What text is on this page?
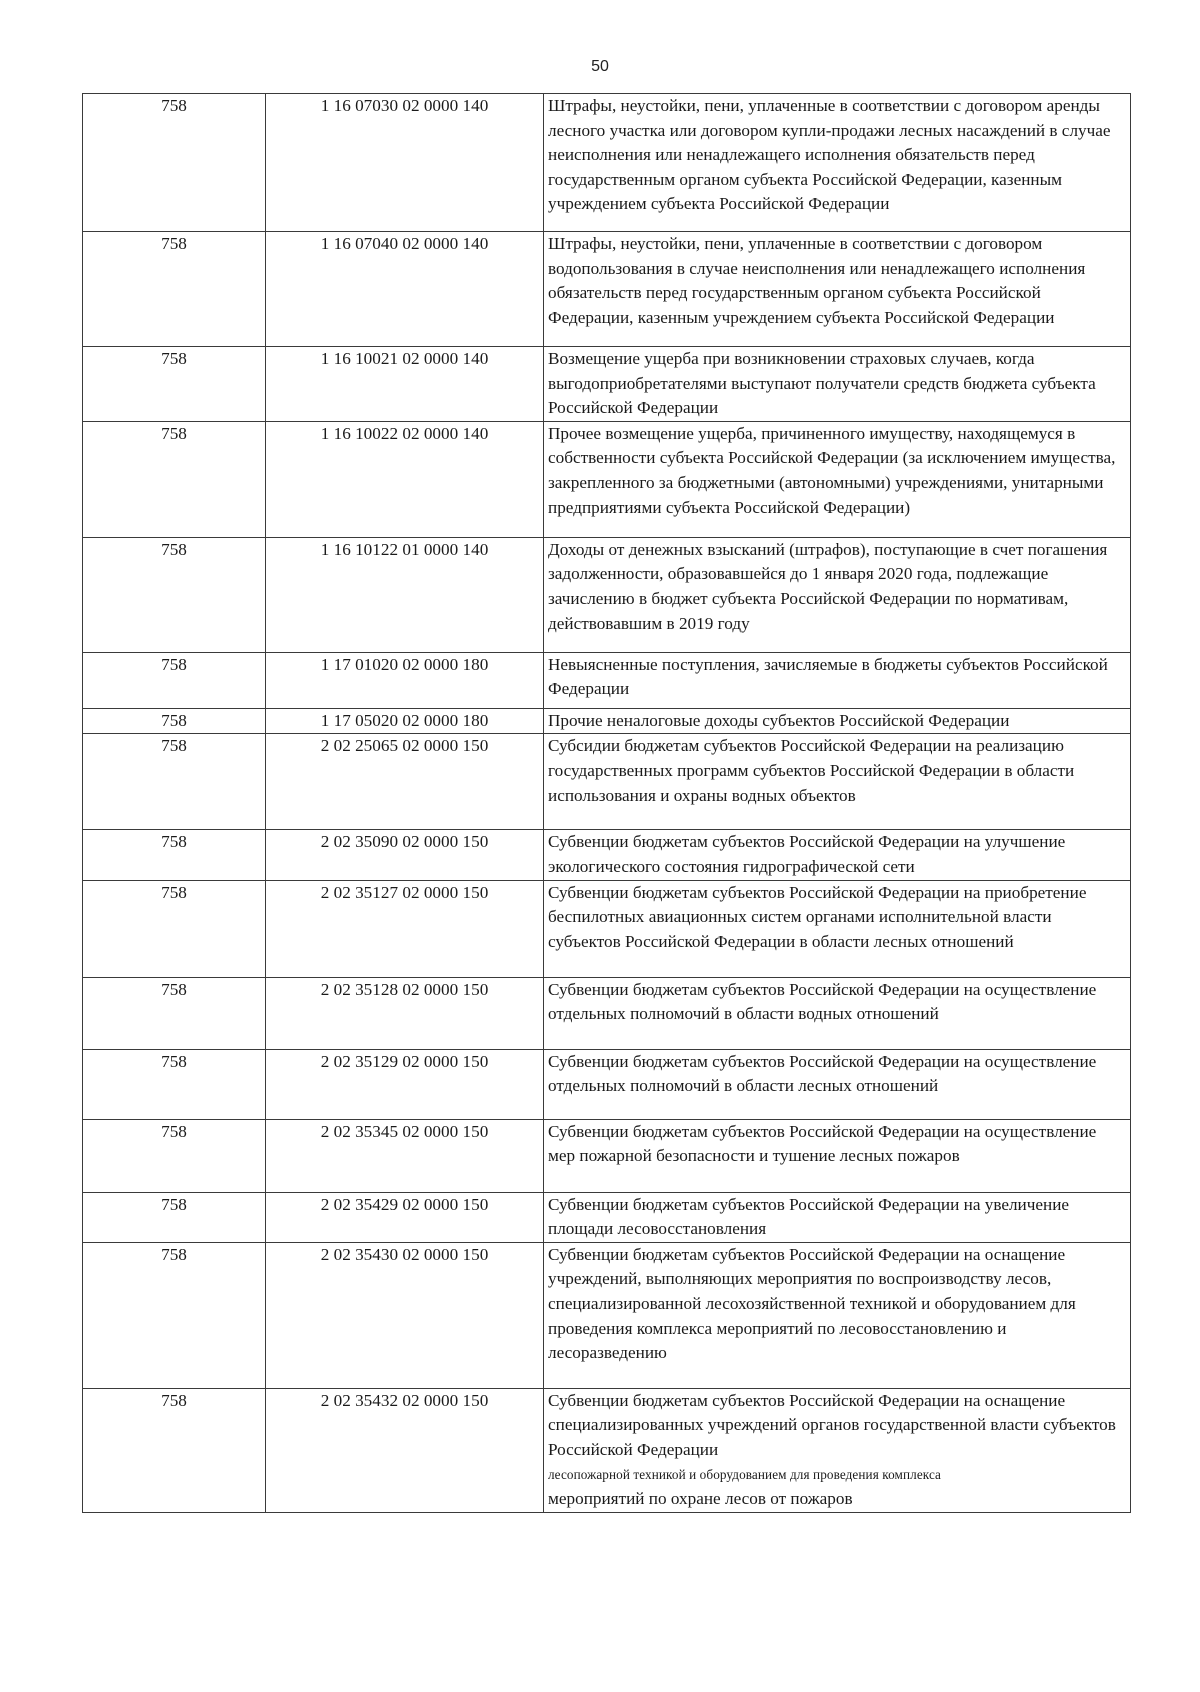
50
758	1 16 07030 02 0000 140	Штрафы, неустойки, пени, уплаченные в соответствии с договором аренды лесного участка или договором купли-продажи лесных насаждений в случае неисполнения или ненадлежащего исполнения обязательств перед государственным органом субъекта Российской Федерации, казенным учреждением субъекта Российской Федерации
758	1 16 07040 02 0000 140	Штрафы, неустойки, пени, уплаченные в соответствии с договором водопользования в случае неисполнения или ненадлежащего исполнения обязательств перед государственным органом субъекта Российской Федерации, казенным учреждением субъекта Российской Федерации
758	1 16 10021 02 0000 140	Возмещение ущерба при возникновении страховых случаев, когда выгодоприобретателями выступают получатели средств бюджета субъекта Российской Федерации
758	1 16 10022 02 0000 140	Прочее возмещение ущерба, причиненного имуществу, находящемуся в собственности субъекта Российской Федерации (за исключением имущества, закрепленного за бюджетными (автономными) учреждениями, унитарными предприятиями субъекта Российской Федерации)
758	1 16 10122 01 0000 140	Доходы от денежных взысканий (штрафов), поступающие в счет погашения задолженности, образовавшейся до 1 января 2020 года, подлежащие зачислению в бюджет субъекта Российской Федерации по нормативам, действовавшим в 2019 году
758	1 17 01020 02 0000 180	Невыясненные поступления, зачисляемые в бюджеты субъектов Российской Федерации
758	1 17 05020 02 0000 180	Прочие неналоговые доходы субъектов Российской Федерации
758	2 02 25065 02 0000 150	Субсидии бюджетам субъектов Российской Федерации на реализацию государственных программ субъектов Российской Федерации в области использования и охраны водных объектов
758	2 02 35090 02 0000 150	Субвенции бюджетам субъектов Российской Федерации на улучшение экологического состояния гидрографической сети
758	2 02 35127 02 0000 150	Субвенции бюджетам субъектов Российской Федерации на приобретение беспилотных авиационных систем органами исполнительной власти субъектов Российской Федерации в области лесных отношений
758	2 02 35128 02 0000 150	Субвенции бюджетам субъектов Российской Федерации на осуществление отдельных полномочий в области водных отношений
758	2 02 35129 02 0000 150	Субвенции бюджетам субъектов Российской Федерации на осуществление отдельных полномочий в области лесных отношений
758	2 02 35345 02 0000 150	Субвенции бюджетам субъектов Российской Федерации на осуществление мер пожарной безопасности и тушение лесных пожаров
758	2 02 35429 02 0000 150	Субвенции бюджетам субъектов Российской Федерации на увеличение площади лесовосстановления
758	2 02 35430 02 0000 150	Субвенции бюджетам субъектов Российской Федерации на оснащение учреждений, выполняющих мероприятия по воспроизводству лесов, специализированной лесохозяйственной техникой и оборудованием для проведения комплекса мероприятий по лесовосстановлению и лесоразведению
758	2 02 35432 02 0000 150	Субвенции бюджетам субъектов Российской Федерации на оснащение специализированных учреждений органов государственной власти субъектов Российской Федерации
лесопожарной техникой и оборудованием для проведения комплекса
мероприятий по охране лесов от пожаров
